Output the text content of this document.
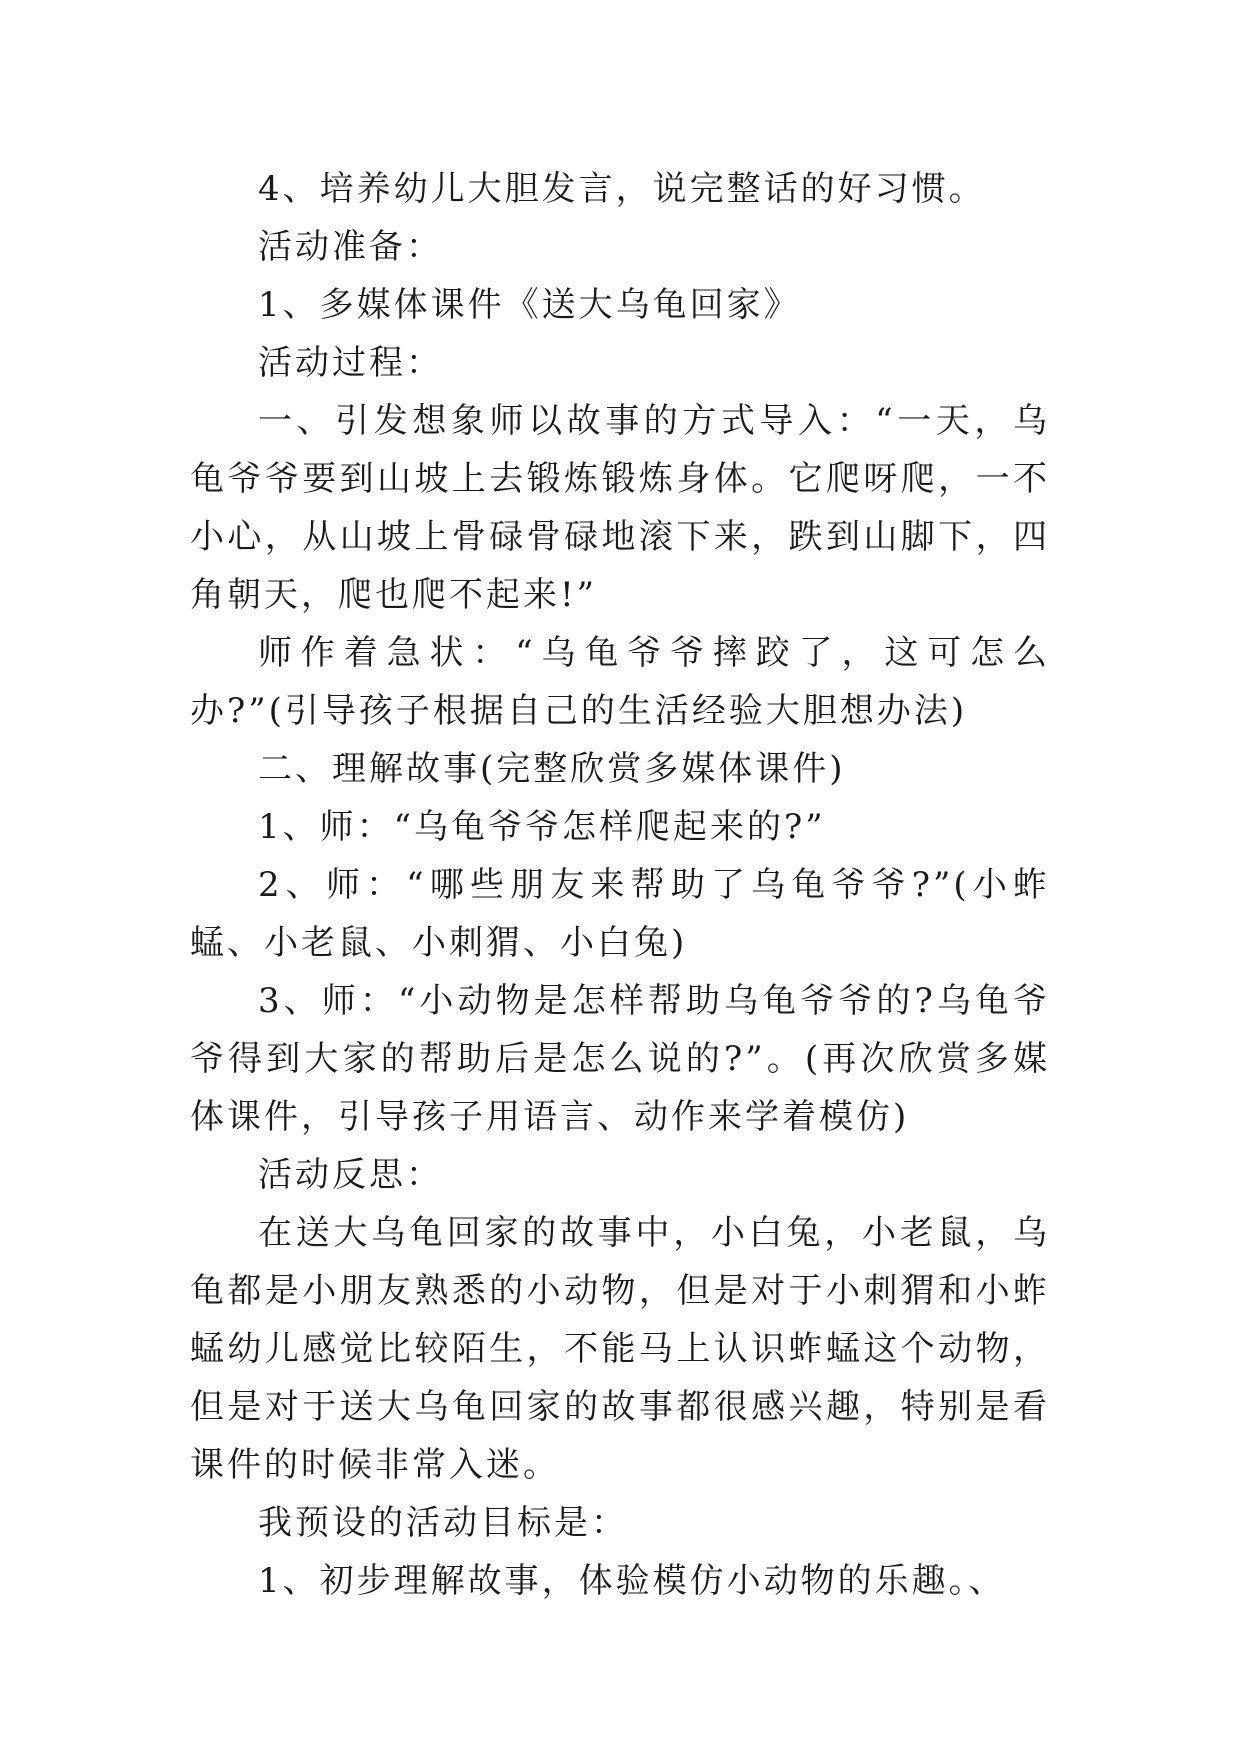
4、培养幼儿大胆发言，说完整话的好习惯。

活动准备：

1、多媒体课件《送大乌龟回家》

活动过程：

一、引发想象师以故事的方式导入：“一天，乌龟爷爷要到山坡上去锻炼锻炼身体。它爬呀爬，一不小心，从山坡上骨碌骨碌地滚下来，跌到山脚下，四角朝天，爬也爬不起来!”

师作着急状：“乌龟爷爷摔跤了，这可怎么办?”(引导孩子根据自己的生活经验大胆想办法)

二、理解故事(完整欣赏多媒体课件)

1、师：“乌龟爷爷怎样爬起来的?”

2、师：“哪些朋友来帮助了乌龟爷爷?”(小蚱蜢、小老鼠、小刺猬、小白兔)

3、师：“小动物是怎样帮助乌龟爷爷的?乌龟爷爷得到大家的帮助后是怎么说的?”。(再次欣赏多媒体课件，引导孩子用语言、动作来学着模仿)

活动反思：

在送大乌龟回家的故事中，小白兔，小老鼠，乌龟都是小朋友熟悉的小动物，但是对于小刺猬和小蚱蜢幼儿感觉比较陌生，不能马上认识蚱蜢这个动物，但是对于送大乌龟回家的故事都很感兴趣，特别是看课件的时候非常入迷。

我预设的活动目标是：

1、初步理解故事，体验模仿小动物的乐趣。、
